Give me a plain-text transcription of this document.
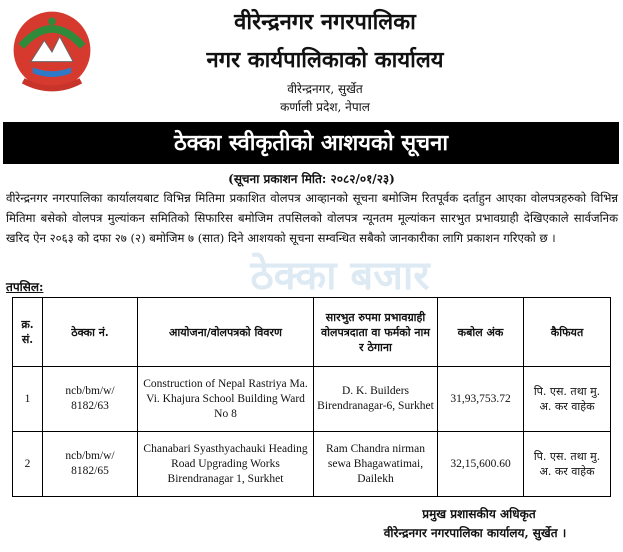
वीरेन्द्रनगर नगरपालिका
नगर कार्यपालिकाको कार्यालय
वीरेन्द्रनगर, सुर्खेत
कर्णाली प्रदेश, नेपाल
ठेक्का स्वीकृतीको आशयको सूचना
(सूचना प्रकाशन मिति: २०८२/०१/२३)
वीरेन्द्रनगर नगरपालिका कार्यालयबाट विभिन्न मितिमा प्रकाशित वोलपत्र आव्हानको सूचना बमोजिम रितपूर्वक दर्ताहुन आएका वोलपत्रहरुको विभिन्न मितिमा बसेको वोलपत्र मुल्यांकन समितिको सिफारिस बमोजिम तपसिलको वोलपत्र न्यूनतम मूल्यांकन सारभुत प्रभावग्राही देखिएकाले सार्वजनिक खरिद ऐन २०६३ को दफा २७ (२) बमोजिम ७ (सात) दिने आशयको सूचना सम्वन्धित सबैको जानकारीका लागि प्रकाशन गरिएको छ ।
ठेक्का बजार
तपसिल:
क्र. सं.	ठेक्का नं.	आयोजना/वोलपत्रको विवरण	सारभुत रुपमा प्रभावग्राही वोलपत्रदाता वा फर्मको नाम र ठेगाना	कबोल अंक	कैफियत
1	ncb/bm/w/ 8182/63	Construction of Nepal Rastriya Ma. Vi. Khajura School Building Ward No 8	D. K. Builders Birendranagar-6, Surkhet	31,93,753.72	पि. एस. तथा मु. अ. कर वाहेक
2	ncb/bm/w/ 8182/65	Chanabari Syasthyachauki Heading Road Upgrading Works Birendranagar 1, Surkhet	Ram Chandra nirman sewa Bhagawatimai, Dailekh	32,15,600.60	पि. एस. तथा मु. अ. कर वाहेक
प्रमुख प्रशासकीय अधिकृत
वीरेन्द्रनगर नगरपालिका कार्यालय, सुर्खेत ।
